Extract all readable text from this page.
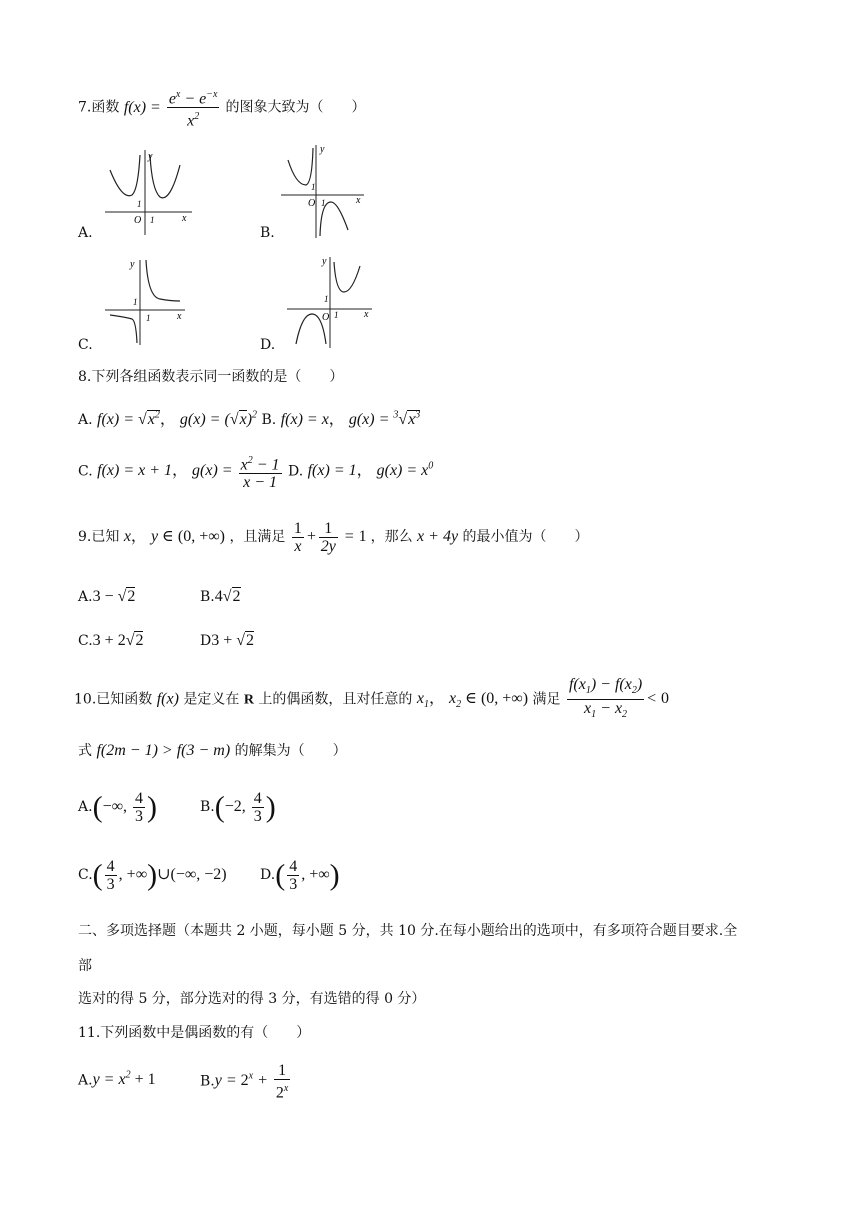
7.函数 $f(x) = \frac{e^x - e^{-x}}{x^2}$ 的图象大致为（　　）
A.
y
x
O
1
1
B.
y
x
O
1
1
C.
y
x
1
1
D.
y
x
O
1
1
8.下列各组函数表示同一函数的是（　　）
A. $f(x) = √x^2$， $g(x) = (√x)^2$ B. f(x) = x， $g(x) = ^3√x^3$
C. f(x) = x + 1， $g(x) = \frac{x^2 - 1}{x - 1} D$. f(x) = 1， $g(x) = x^0$
9.已知 x， y ∈ (0, +∞) ，且满足 $\frac{1}{x} + \frac{1}{2y} = 1$ ，那么 x + 4y 的最小值为（　　）
A.3 − √2	B.4√2
C.3 + 2√2	D3 + √2
10.已知函数 f(x) 是定义在 R 上的偶函数，且对任意的 $x_1$， $x_2$ ∈ (0, +∞) 满足 $\frac{f(x_1) - f(x_2)}{x_1 - x_2} < 0$
式 f(2m − 1) > f(3 − m) 的解集为（　　）
A.(−∞, $\frac{4}{3}$ )	B.(−2, $\frac{4}{3}$ )
$C.( \frac{4}{3}$ , +∞)∪(−∞, −2) $D.( \frac{4}{3}$ , +∞)
二、多项选择题（本题共 2 小题，每小题 5 分，共 10 分.在每小题给出的选项中，有多项符合题目要求.全
部
选对的得 5 分，部分选对的得 3 分，有选错的得 0 分）
11.下列函数中是偶函数的有（　　）
$A.y = x^2 + 1$	$B.y = 2^x + \frac{1}{2^x}$
